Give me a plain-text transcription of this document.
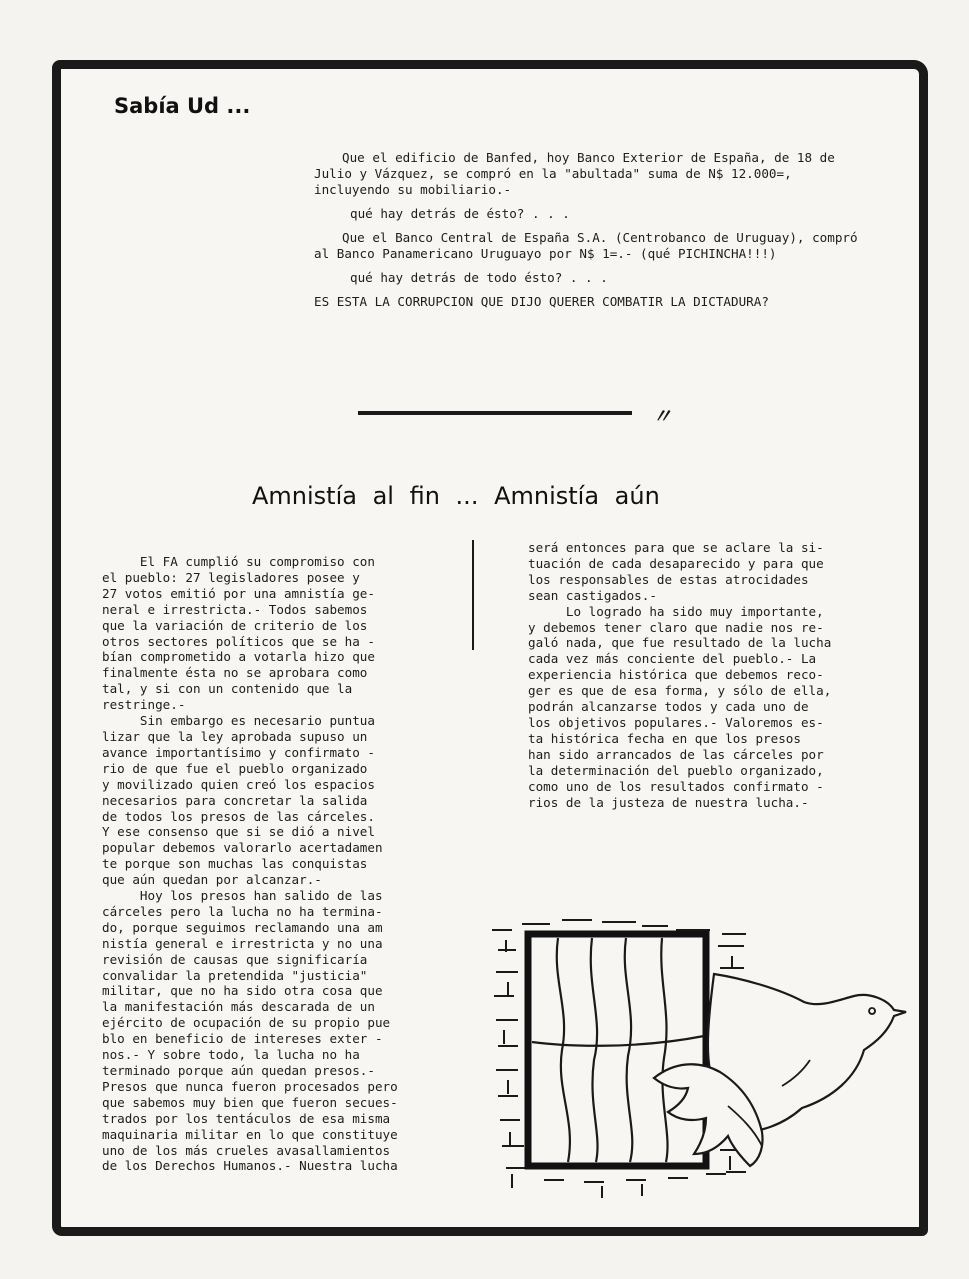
Sabía Ud ...

Que el edificio de Banfed, hoy Banco Exterior de España, de 18 de Julio y Vázquez, se compró en la "abultada" suma de N$ 12.000=, incluyendo su mobiliario.-

qué hay detrás de ésto? . . .

Que el Banco Central de España S.A. (Centrobanco de Uruguay), compró al Banco Panamericano Uruguayo por N$ 1=.- (qué PICHINCHA!!!)

qué hay detrás de todo ésto? . . .

ES ESTA LA CORRUPCION QUE DIJO QUERER COMBATIR LA DICTADURA?

〃
Amnistía al fin ... Amnistía aún

El FA cumplió su compromiso con
el pueblo: 27 legisladores posee y
27 votos emitió por una amnistía ge-
neral e irrestricta.- Todos sabemos
que la variación de criterio de los
otros sectores políticos que se ha -
bían comprometido a votarla hizo que
finalmente ésta no se aprobara como
tal, y si con un contenido que la
restringe.-

Sin embargo es necesario puntua
lizar que la ley aprobada supuso un
avance importantísimo y confirmato -
rio de que fue el pueblo organizado
y movilizado quien creó los espacios
necesarios para concretar la salida
de todos los presos de las cárceles.
Y ese consenso que si se dió a nivel
popular debemos valorarlo acertadamen
te porque son muchas las conquistas
que aún quedan por alcanzar.-

Hoy los presos han salido de las
cárceles pero la lucha no ha termina-
do, porque seguimos reclamando una am
nistía general e irrestricta y no una
revisión de causas que significaría
convalidar la pretendida "justicia"
militar, que no ha sido otra cosa que
la manifestación más descarada de un
ejército de ocupación de su propio pue
blo en beneficio de intereses exter -
nos.- Y sobre todo, la lucha no ha
terminado porque aún quedan presos.-
Presos que nunca fueron procesados pero
que sabemos muy bien que fueron secues-
trados por los tentáculos de esa misma
maquinaria militar en lo que constituye
uno de los más crueles avasallamientos
de los Derechos Humanos.- Nuestra lucha

será entonces para que se aclare la si-
tuación de cada desaparecido y para que
los responsables de estas atrocidades
sean castigados.-

Lo logrado ha sido muy importante,
y debemos tener claro que nadie nos re-
galó nada, que fue resultado de la lucha
cada vez más conciente del pueblo.- La
experiencia histórica que debemos reco-
ger es que de esa forma, y sólo de ella,
podrán alcanzarse todos y cada uno de
los objetivos populares.- Valoremos es-
ta histórica fecha en que los presos
han sido arrancados de las cárceles por
la determinación del pueblo organizado,
como uno de los resultados confirmato -
rios de la justeza de nuestra lucha.-
